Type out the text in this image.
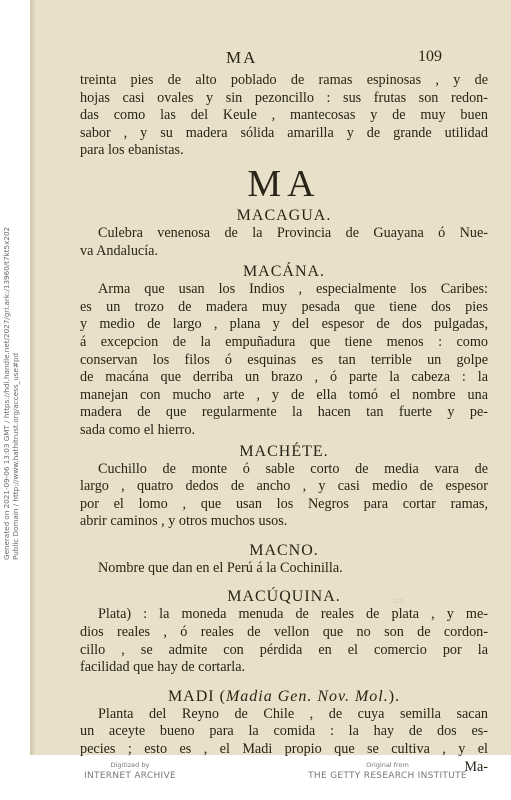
MA	109
treinta pies de alto poblado de ramas espinosas , y de
hojas casi ovales y sin pezoncillo : sus frutas son redon-
das como las del Keule , mantecosas y de muy buen
sabor , y su madera sólida amarilla y de grande utilidad
para los ebanistas.
MA
MACAGUA.
Culebra venenosa de la Provincia de Guayana ó Nue-
va Andalucía.
MACÁNA.
Arma que usan los Indios , especialmente los Caribes:
es un trozo de madera muy pesada que tiene dos pies
y medio de largo , plana y del espesor de dos pulgadas,
á excepcion de la empuñadura que tiene menos : como
conservan los filos ó esquinas es tan terrible un golpe
de macána que derriba un brazo , ó parte la cabeza : la
manejan con mucho arte , y de ella tomó el nombre una
madera de que regularmente la hacen tan fuerte y pe-
sada como el hierro.
MACHÉTE.
Cuchillo de monte ó sable corto de media vara de
largo , quatro dedos de ancho , y casi medio de espesor
por el lomo , que usan los Negros para cortar ramas,
abrir caminos , y otros muchos usos.
MACNO.
Nombre que dan en el Perú á la Cochinilla.
MACÚQUINA.
Plata) : la moneda menuda de reales de plata , y me-
dios reales , ó reales de vellon que no son de cordon-
cillo , se admite con pérdida en el comercio por la
facilidad que hay de cortarla.
MADI (Madia Gen. Nov. Mol.).
Planta del Reyno de Chile , de cuya semilla sacan
un aceyte bueno para la comida : la hay de dos es-
pecies ; esto es , el Madi propio que se cultiva , y el
Ma-
▭
Generated on 2021-09-06 13:03 GMT / https://hdl.handle.net/2027/gri.ark:/13960/t7kt5x202 Public Domain / http://www.hathitrust.org/access_use#pd
Digitized by
INTERNET ARCHIVE
Original from
THE GETTY RESEARCH INSTITUTE
